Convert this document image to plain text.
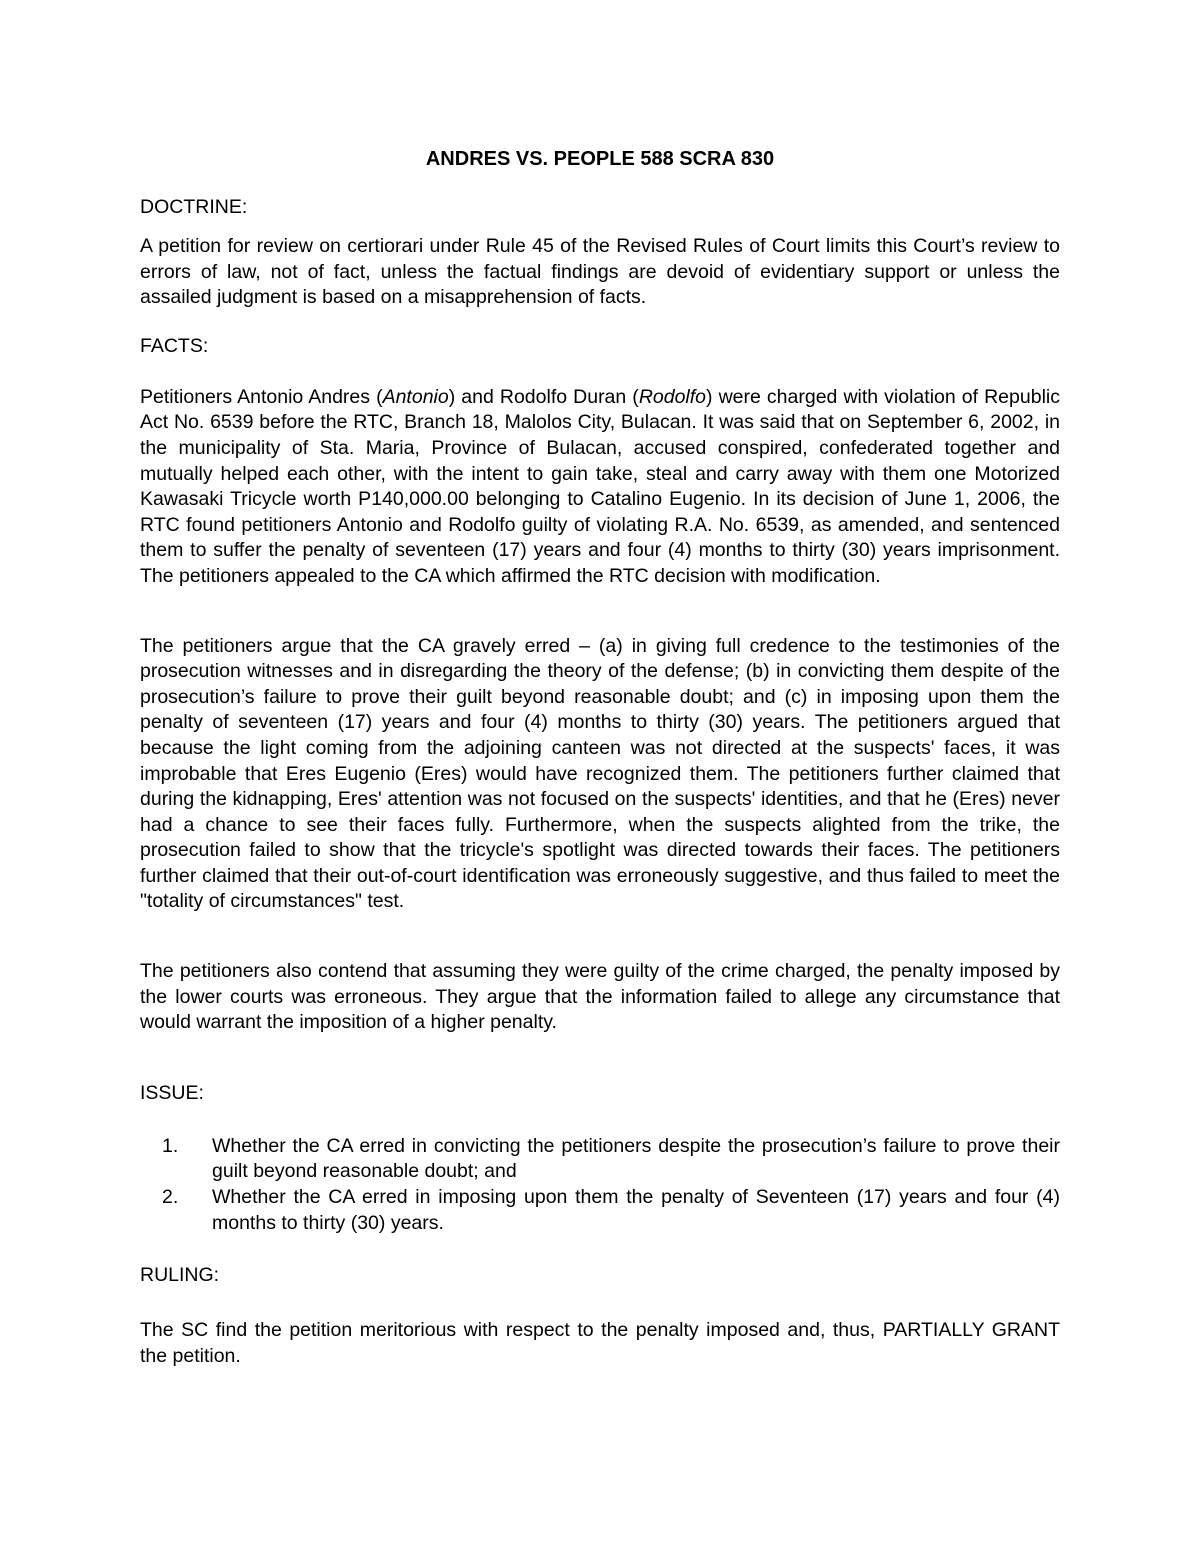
ANDRES VS. PEOPLE 588 SCRA 830
DOCTRINE:

A petition for review on certiorari under Rule 45 of the Revised Rules of Court limits this Court’s review to errors of law, not of fact, unless the factual findings are devoid of evidentiary support or unless the assailed judgment is based on a misapprehension of facts.

FACTS:

Petitioners Antonio Andres (Antonio) and Rodolfo Duran (Rodolfo) were charged with violation of Republic Act No. 6539 before the RTC, Branch 18, Malolos City, Bulacan. It was said that on September 6, 2002, in the municipality of Sta. Maria, Province of Bulacan, accused conspired, confederated together and mutually helped each other, with the intent to gain take, steal and carry away with them one Motorized Kawasaki Tricycle worth P140,000.00 belonging to Catalino Eugenio. In its decision of June 1, 2006, the RTC found petitioners Antonio and Rodolfo guilty of violating R.A. No. 6539, as amended, and sentenced them to suffer the penalty of seventeen (17) years and four (4) months to thirty (30) years imprisonment. The petitioners appealed to the CA which affirmed the RTC decision with modification.

The petitioners argue that the CA gravely erred – (a) in giving full credence to the testimonies of the prosecution witnesses and in disregarding the theory of the defense; (b) in convicting them despite of the prosecution’s failure to prove their guilt beyond reasonable doubt; and (c) in imposing upon them the penalty of seventeen (17) years and four (4) months to thirty (30) years. The petitioners argued that because the light coming from the adjoining canteen was not directed at the suspects' faces, it was improbable that Eres Eugenio (Eres) would have recognized them. The petitioners further claimed that during the kidnapping, Eres' attention was not focused on the suspects' identities, and that he (Eres) never had a chance to see their faces fully. Furthermore, when the suspects alighted from the trike, the prosecution failed to show that the tricycle's spotlight was directed towards their faces. The petitioners further claimed that their out-of-court identification was erroneously suggestive, and thus failed to meet the "totality of circumstances" test.

The petitioners also contend that assuming they were guilty of the crime charged, the penalty imposed by the lower courts was erroneous. They argue that the information failed to allege any circumstance that would warrant the imposition of a higher penalty.

ISSUE:
1. Whether the CA erred in convicting the petitioners despite the prosecution’s failure to prove their guilt beyond reasonable doubt; and
2. Whether the CA erred in imposing upon them the penalty of Seventeen (17) years and four (4) months to thirty (30) years.
RULING:

The SC find the petition meritorious with respect to the penalty imposed and, thus, PARTIALLY GRANT the petition.
